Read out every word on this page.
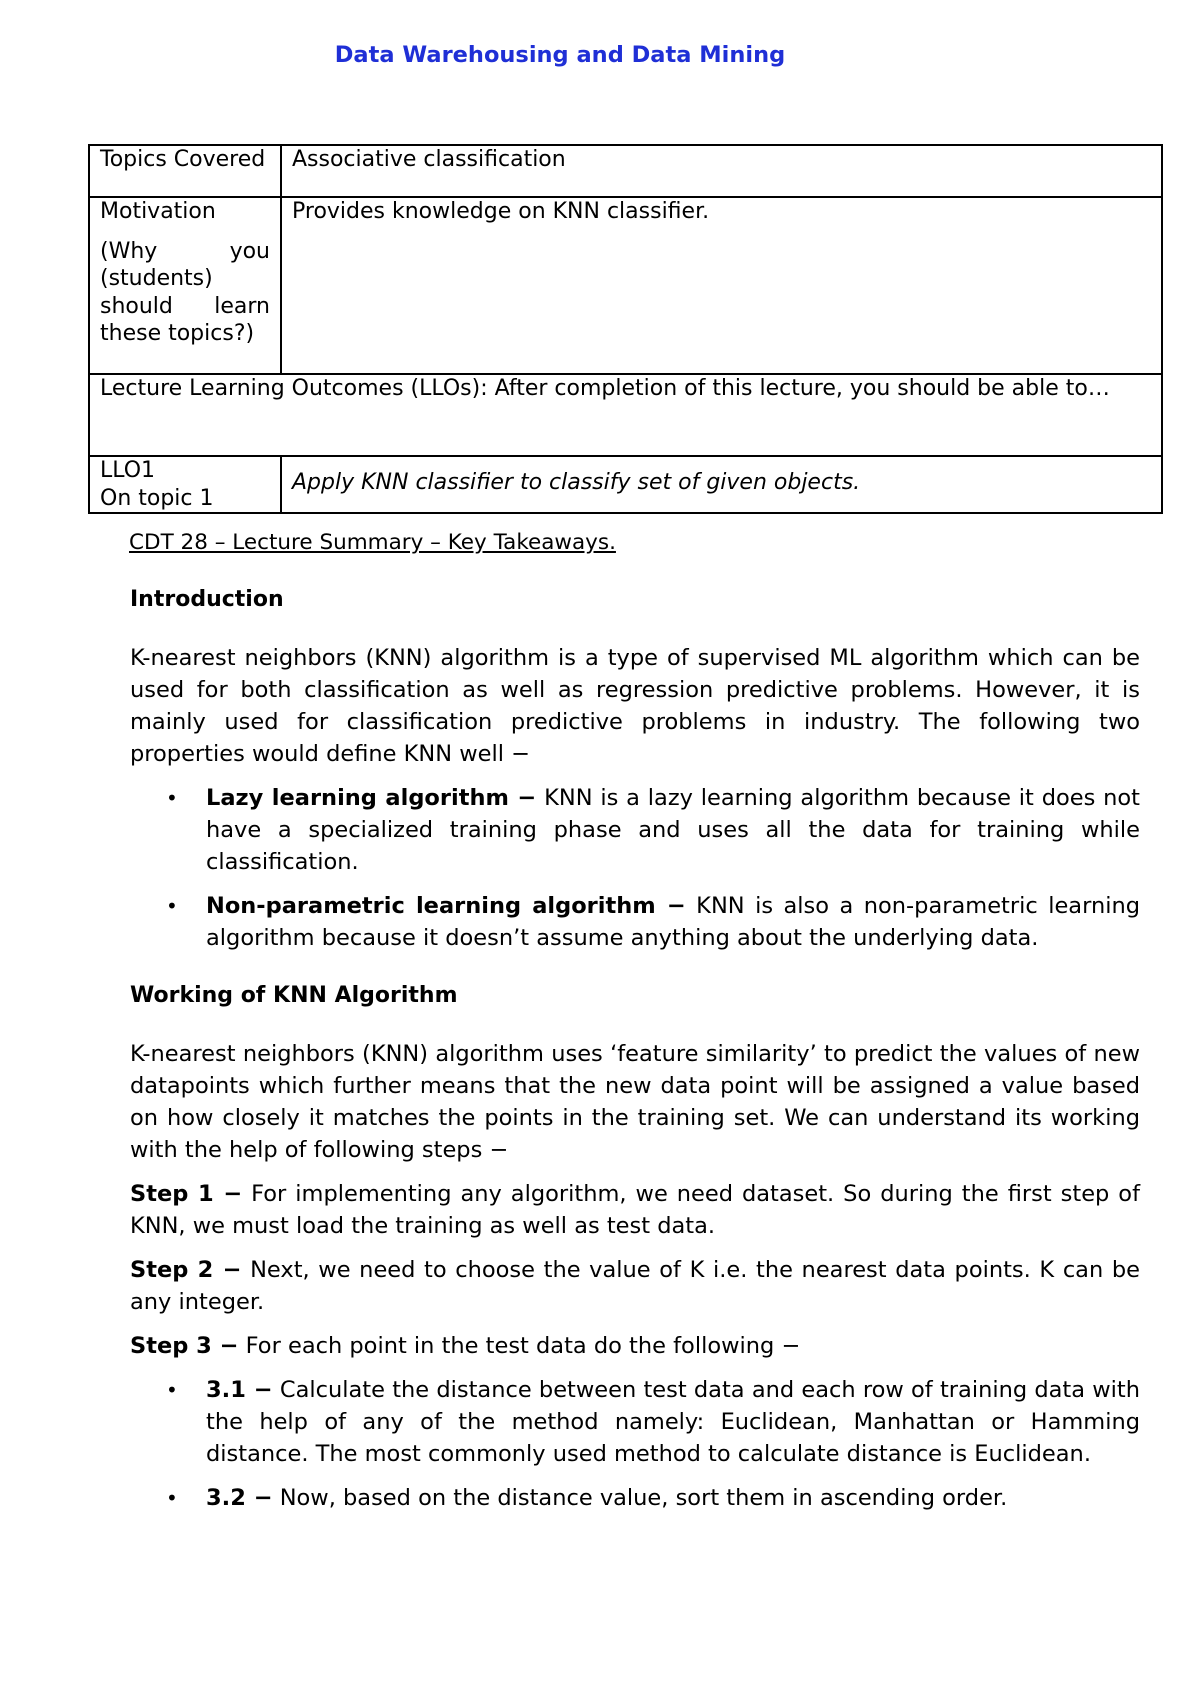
Data Warehousing and Data Mining
Topics Covered	Associative classification

Motivation
(Why you (students) should learn these topics?)	Provides knowledge on KNN classifier.
Lecture Learning Outcomes (LLOs): After completion of this lecture, you should be able to…	

LLO1
On topic 1	Apply KNN classifier to classify set of given objects.
CDT 28 – Lecture Summary – Key Takeaways.
Introduction

K-nearest neighbors (KNN) algorithm is a type of supervised ML algorithm which can be used for both classification as well as regression predictive problems. However, it is mainly used for classification predictive problems in industry. The following two properties would define KNN well −

• Lazy learning algorithm − KNN is a lazy learning algorithm because it does not have a specialized training phase and uses all the data for training while classification.
• Non-parametric learning algorithm − KNN is also a non-parametric learning algorithm because it doesn’t assume anything about the underlying data.
Working of KNN Algorithm

K-nearest neighbors (KNN) algorithm uses ‘feature similarity’ to predict the values of new datapoints which further means that the new data point will be assigned a value based on how closely it matches the points in the training set. We can understand its working with the help of following steps −

Step 1 − For implementing any algorithm, we need dataset. So during the first step of KNN, we must load the training as well as test data.

Step 2 − Next, we need to choose the value of K i.e. the nearest data points. K can be any integer.

Step 3 − For each point in the test data do the following −

• 3.1 − Calculate the distance between test data and each row of training data with the help of any of the method namely: Euclidean, Manhattan or Hamming distance. The most commonly used method to calculate distance is Euclidean.
• 3.2 − Now, based on the distance value, sort them in ascending order.
